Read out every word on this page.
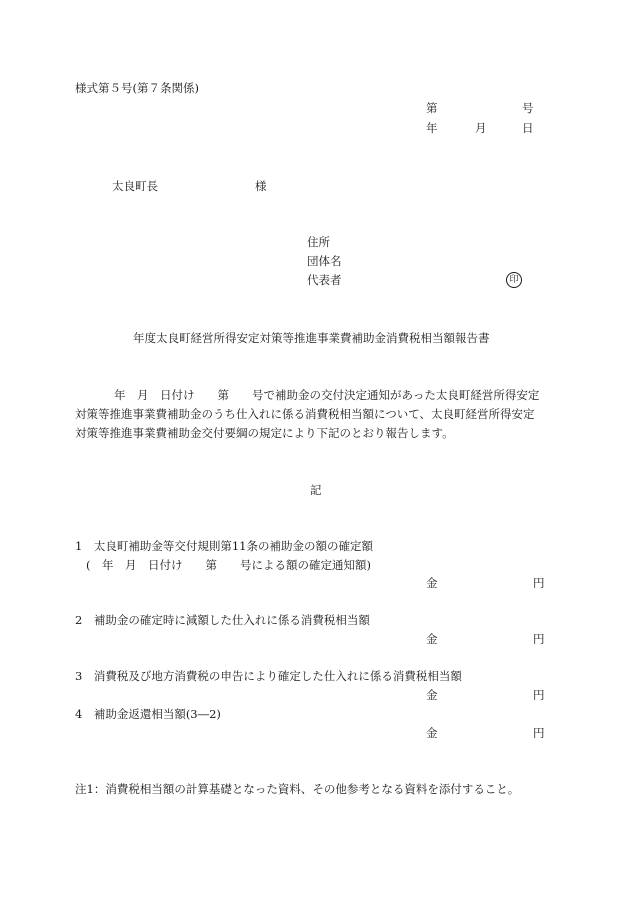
様式第５号(第７条関係)
第	号
年	月	日
太良町長	様
住所
団体名
代表者	印
年度太良町経営所得安定対策等推進事業費補助金消費税相当額報告書
年　月　日付け　　第　　号で補助金の交付決定通知があった太良町経営所得安定
対策等推進事業費補助金のうち仕入れに係る消費税相当額について、太良町経営所得安定
対策等推進事業費補助金交付要綱の規定により下記のとおり報告します。
記
1　太良町補助金等交付規則第11条の補助金の額の確定額
(　年　月　日付け　　第　　号による額の確定通知額)
金	円
2　補助金の確定時に減額した仕入れに係る消費税相当額
金	円
3　消費税及び地方消費税の申告により確定した仕入れに係る消費税相当額
金	円
4　補助金返還相当額(3―2)
金	円
注1：消費税相当額の計算基礎となった資料、その他参考となる資料を添付すること。
